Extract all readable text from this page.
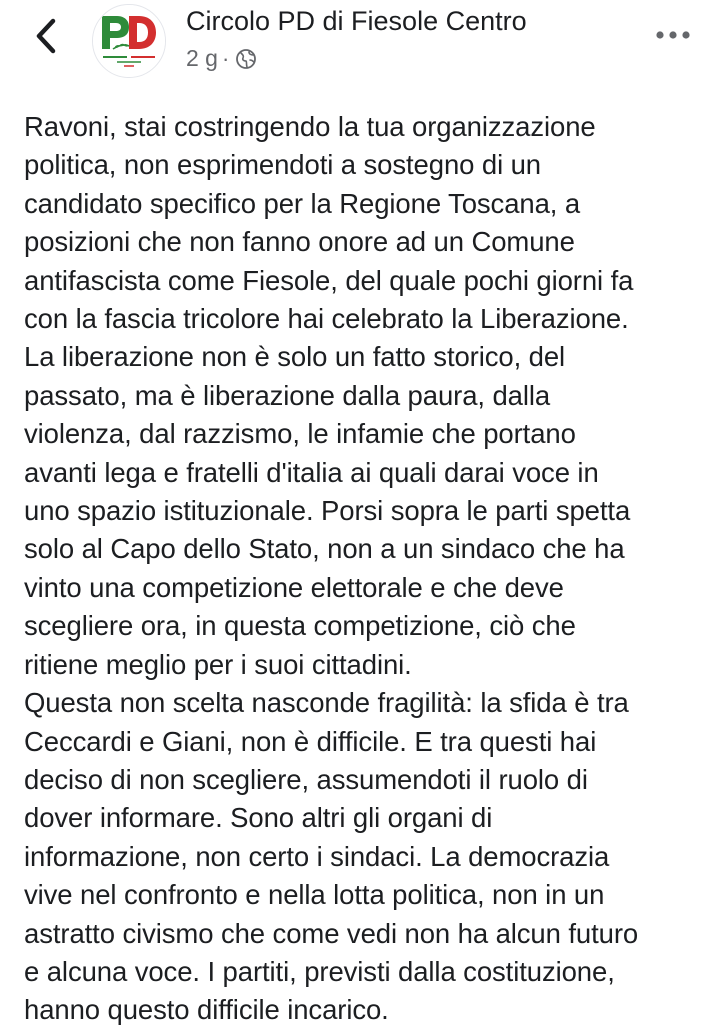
Circolo PD di Fiesole Centro
2 g ·
Ravoni, stai costringendo la tua organizzazione
politica, non esprimendoti a sostegno di un
candidato specifico per la Regione Toscana, a
posizioni che non fanno onore ad un Comune
antifascista come Fiesole, del quale pochi giorni fa
con la fascia tricolore hai celebrato la Liberazione.
La liberazione non è solo un fatto storico, del
passato, ma è liberazione dalla paura, dalla
violenza, dal razzismo, le infamie che portano
avanti lega e fratelli d'italia ai quali darai voce in
uno spazio istituzionale. Porsi sopra le parti spetta
solo al Capo dello Stato, non a un sindaco che ha
vinto una competizione elettorale e che deve
scegliere ora, in questa competizione, ciò che
ritiene meglio per i suoi cittadini.
Questa non scelta nasconde fragilità: la sfida è tra
Ceccardi e Giani, non è difficile. E tra questi hai
deciso di non scegliere, assumendoti il ruolo di
dover informare. Sono altri gli organi di
informazione, non certo i sindaci. La democrazia
vive nel confronto e nella lotta politica, non in un
astratto civismo che come vedi non ha alcun futuro
e alcuna voce. I partiti, previsti dalla costituzione,
hanno questo difficile incarico.
